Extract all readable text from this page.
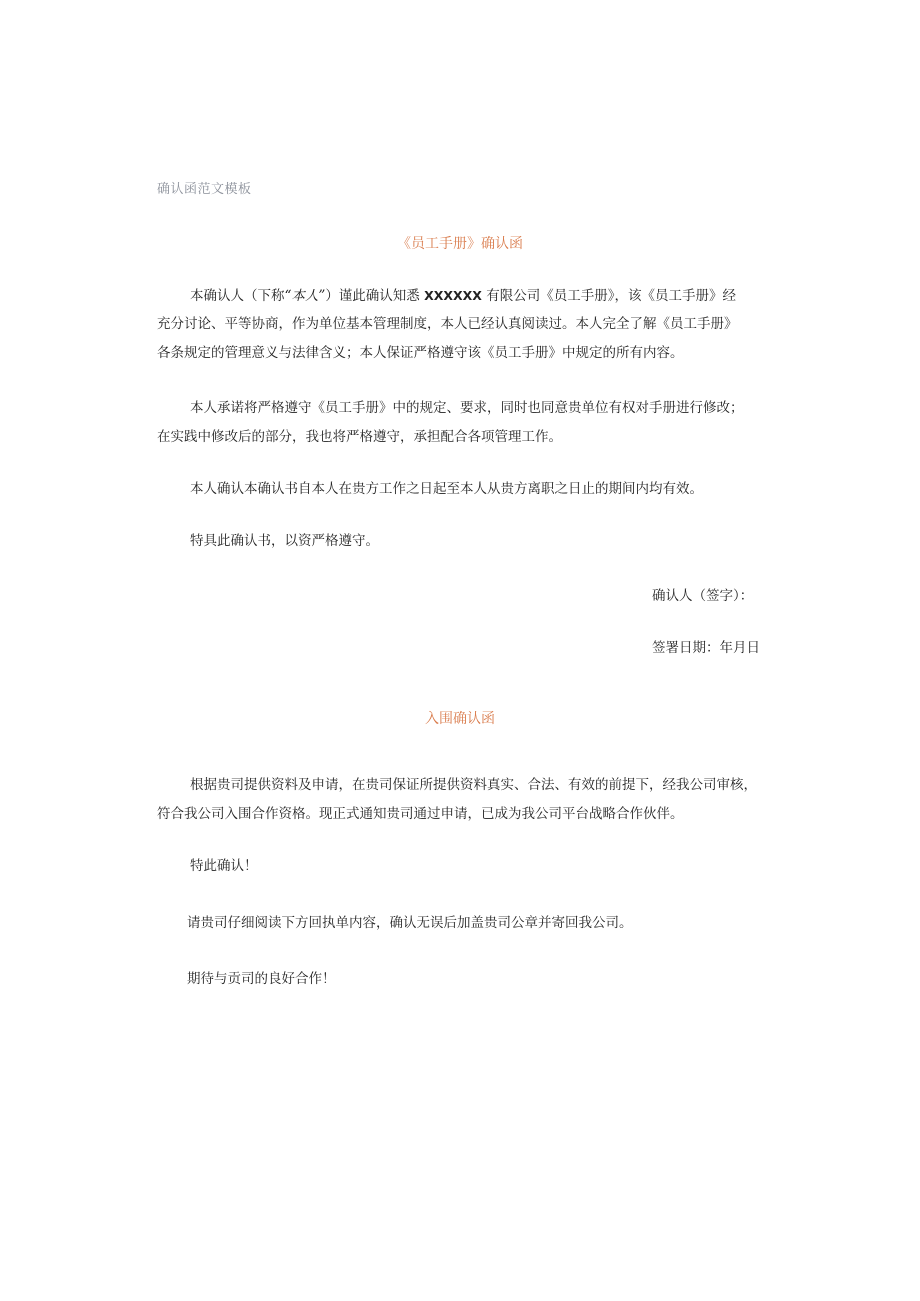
确认函范文模板
《员工手册》确认函
本确认人（下称“本人”）谨此确认知悉 XXXXXX 有限公司《员工手册》，该《员工手册》经
充分讨论、平等协商，作为单位基本管理制度，本人已经认真阅读过。本人完全了解《员工手册》
各条规定的管理意义与法律含义；本人保证严格遵守该《员工手册》中规定的所有内容。
本人承诺将严格遵守《员工手册》中的规定、要求，同时也同意贵单位有权对手册进行修改；
在实践中修改后的部分，我也将严格遵守，承担配合各项管理工作。
本人确认本确认书自本人在贵方工作之日起至本人从贵方离职之日止的期间内均有效。
特具此确认书，以资严格遵守。
确认人（签字）：
签署日期：年月日
入围确认函
根据贵司提供资料及申请，在贵司保证所提供资料真实、合法、有效的前提下，经我公司审核，
符合我公司入围合作资格。现正式通知贵司通过申请，已成为我公司平台战略合作伙伴。
特此确认！
请贵司仔细阅读下方回执单内容，确认无误后加盖贵司公章并寄回我公司。
期待与贡司的良好合作！
